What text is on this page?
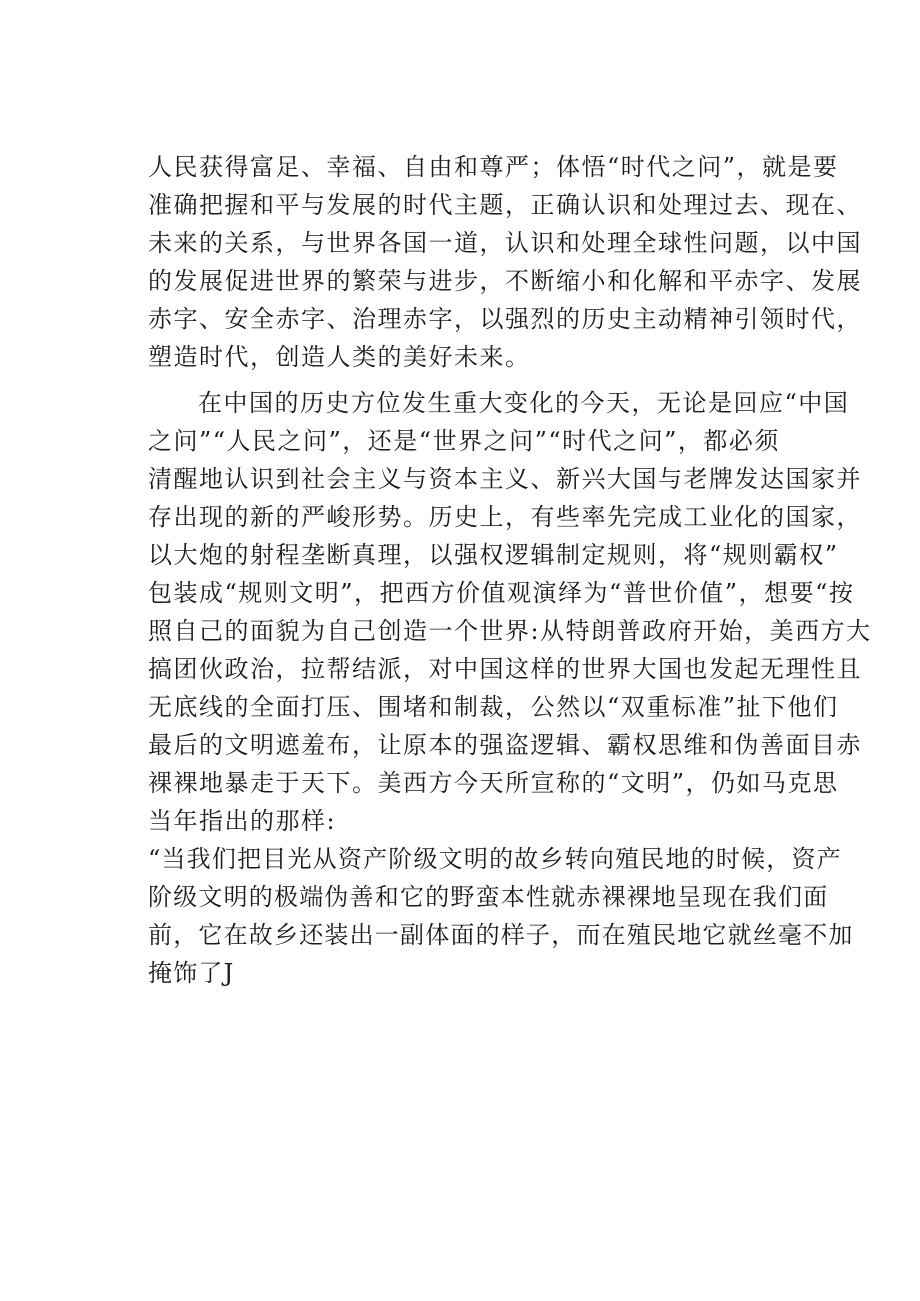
人民获得富足、幸福、自由和尊严；体悟“时代之问”，就是要
准确把握和平与发展的时代主题，正确认识和处理过去、现在、
未来的关系，与世界各国一道，认识和处理全球性问题，以中国
的发展促进世界的繁荣与进步，不断缩小和化解和平赤字、发展
赤字、安全赤字、治理赤字，以强烈的历史主动精神引领时代，
塑造时代，创造人类的美好未来。
在中国的历史方位发生重大变化的今天，无论是回应“中国
之问”“人民之问”，还是“世界之问”“时代之问”，都必须
清醒地认识到社会主义与资本主义、新兴大国与老牌发达国家并
存出现的新的严峻形势。历史上，有些率先完成工业化的国家，
以大炮的射程垄断真理，以强权逻辑制定规则，将“规则霸权”
包装成“规则文明”，把西方价值观演绎为“普世价值”，想要“按
照自己的面貌为自己创造一个世界:从特朗普政府开始，美西方大
搞团伙政治，拉帮结派，对中国这样的世界大国也发起无理性且
无底线的全面打压、围堵和制裁，公然以“双重标准”扯下他们
最后的文明遮羞布，让原本的强盗逻辑、霸权思维和伪善面目赤
裸裸地暴走于天下。美西方今天所宣称的“文明”，仍如马克思
当年指出的那样:
“当我们把目光从资产阶级文明的故乡转向殖民地的时候，资产
阶级文明的极端伪善和它的野蛮本性就赤裸裸地呈现在我们面
前，它在故乡还装出一副体面的样子，而在殖民地它就丝毫不加
掩饰了J
